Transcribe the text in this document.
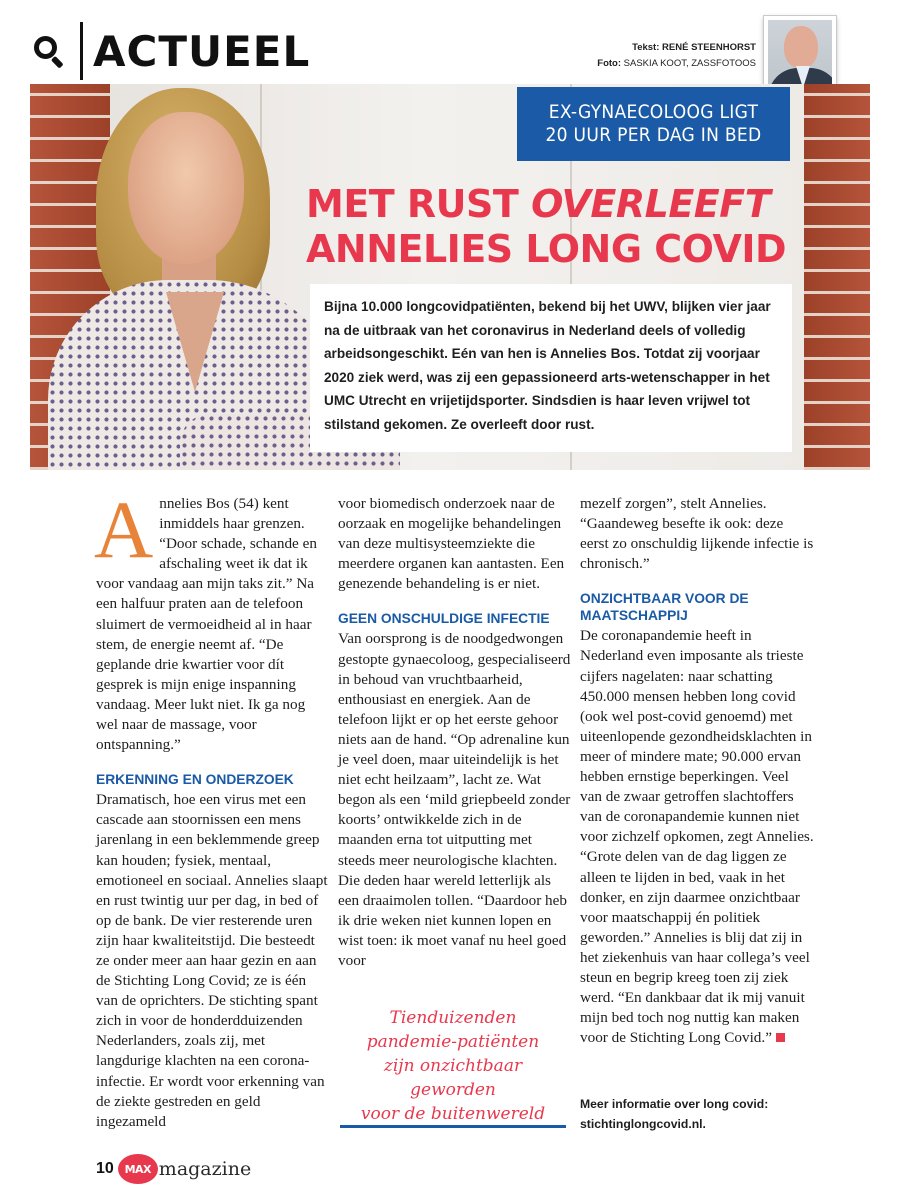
ACTUEEL	Tekst: RENÉ STEENHORST
Foto: SASKIA KOOT, ZASSFOTOOS
EX-GYNAECOLOOG LIGT
20 UUR PER DAG IN BED
MET RUST OVERLEEFT
ANNELIES LONG COVID
Bijna 10.000 longcovidpatiënten, bekend bij het UWV, blijken vier jaar na de uitbraak van het coronavirus in Nederland deels of volledig arbeidsongeschikt. Eén van hen is Annelies Bos. Totdat zij voorjaar 2020 ziek werd, was zij een gepassioneerd arts-wetenschapper in het UMC Utrecht en vrijetijdsporter. Sindsdien is haar leven vrijwel tot stilstand gekomen. Ze overleeft door rust.

Annelies Bos (54) kent inmiddels haar grenzen. “Door schade, schande en afschaling weet ik dat ik voor vandaag aan mijn taks zit.” Na een halfuur praten aan de telefoon sluimert de vermoeidheid al in haar stem, de energie neemt af. “De geplande drie kwartier voor dít gesprek is mijn enige inspanning vandaag. Meer lukt niet. Ik ga nog wel naar de massage, voor ontspanning.”

ERKENNING EN ONDERZOEK

Dramatisch, hoe een virus met een cascade aan stoornissen een mens jarenlang in een beklemmende greep kan houden; fysiek, mentaal, emotioneel en sociaal. Annelies slaapt en rust twintig uur per dag, in bed of op de bank. De vier resterende uren zijn haar kwaliteitstijd. Die besteedt ze onder meer aan haar gezin en aan de Stichting Long Covid; ze is één van de oprichters. De stichting spant zich in voor de honderdduizenden Nederlanders, zoals zij, met langdurige klachten na een corona-infectie. Er wordt voor erkenning van de ziekte gestreden en geld ingezameld

voor biomedisch onderzoek naar de oorzaak en mogelijke behandelingen van deze multisysteemziekte die meerdere organen kan aantasten. Een genezende behandeling is er niet.

GEEN ONSCHULDIGE INFECTIE

Van oorsprong is de noodgedwongen gestopte gynaecoloog, gespecialiseerd in behoud van vruchtbaarheid, enthousiast en energiek. Aan de telefoon lijkt er op het eerste gehoor niets aan de hand. “Op adrenaline kun je veel doen, maar uiteindelijk is het niet echt heilzaam”, lacht ze. Wat begon als een ‘mild griepbeeld zonder koorts’ ontwikkelde zich in de maanden erna tot uitputting met steeds meer neurologische klachten. Die deden haar wereld letterlijk als een draaimolen tollen. “Daardoor heb ik drie weken niet kunnen lopen en wist toen: ik moet vanaf nu heel goed voor

mezelf zorgen”, stelt Annelies. “Gaandeweg besefte ik ook: deze eerst zo onschuldig lijkende infectie is chronisch.”

ONZICHTBAAR VOOR DE MAATSCHAPPIJ

De coronapandemie heeft in Nederland even imposante als trieste cijfers nagelaten: naar schatting 450.000 mensen hebben long covid (ook wel post-covid genoemd) met uiteenlopende gezondheidsklachten in meer of mindere mate; 90.000 ervan hebben ernstige beperkingen. Veel van de zwaar getroffen slachtoffers van de coronapandemie kunnen niet voor zichzelf opkomen, zegt Annelies. “Grote delen van de dag liggen ze alleen te lijden in bed, vaak in het donker, en zijn daarmee onzichtbaar voor maatschappij én politiek geworden.” Annelies is blij dat zij in het ziekenhuis van haar collega’s veel steun en begrip kreeg toen zij ziek werd. “En dankbaar dat ik mij vanuit mijn bed toch nog nuttig kan maken voor de Stichting Long Covid.”

Tienduizenden
pandemie-patiënten
zijn onzichtbaar geworden
voor de buitenwereld	Meer informatie over long covid:
stichtinglongcovid.nl.
10 MAX magazine
